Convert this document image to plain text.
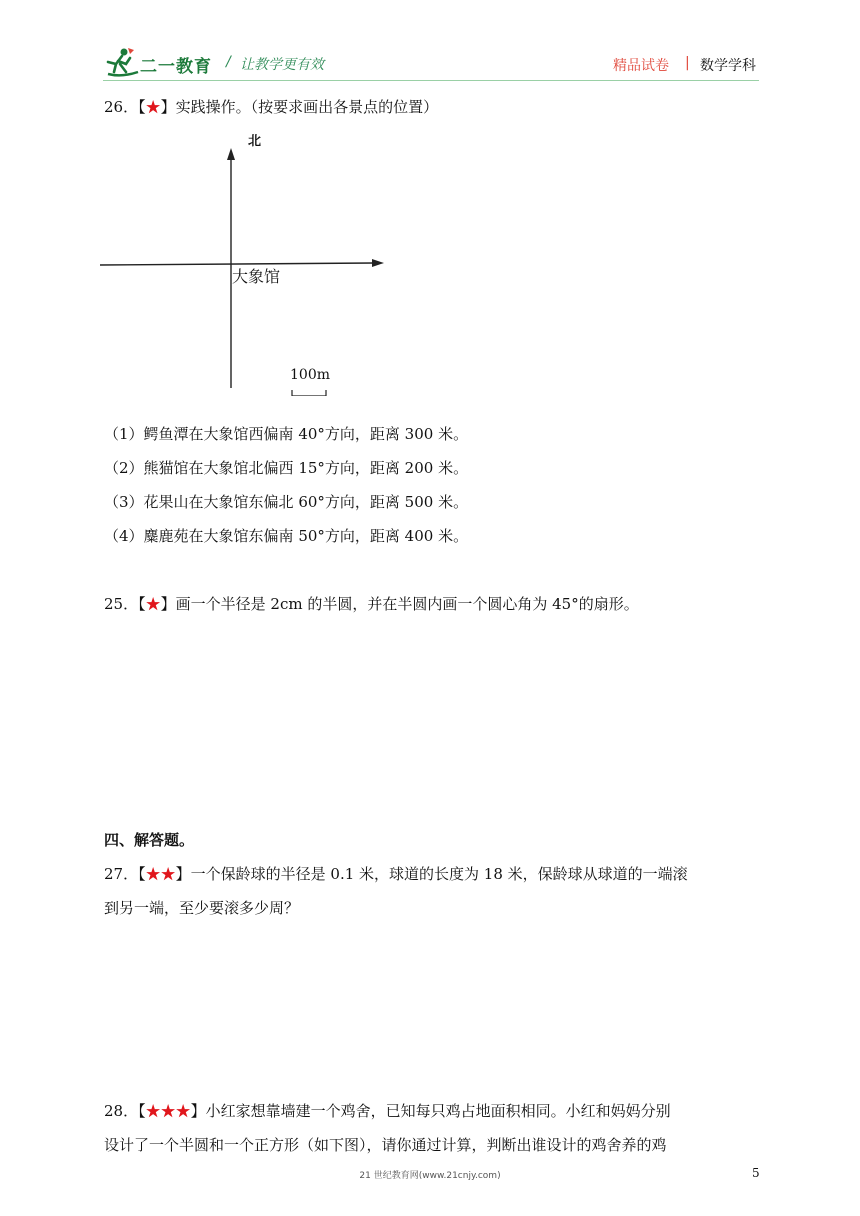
二一教育 / 让教学更有效	精品试卷 | 数学学科
26．【★】实践操作。（按要求画出各景点的位置）
北
大象馆
100m
（1）鳄鱼潭在大象馆西偏南 40°方向，距离 300 米。
（2）熊猫馆在大象馆北偏西 15°方向，距离 200 米。
（3）花果山在大象馆东偏北 60°方向，距离 500 米。
（4）麋鹿苑在大象馆东偏南 50°方向，距离 400 米。
25．【★】画一个半径是 2cm 的半圆，并在半圆内画一个圆心角为 45°的扇形。
四、解答题。
27．【★★】一个保龄球的半径是 0.1 米，球道的长度为 18 米，保龄球从球道的一端滚
到另一端，至少要滚多少周？
28．【★★★】小红家想靠墙建一个鸡舍，已知每只鸡占地面积相同。小红和妈妈分别
设计了一个半圆和一个正方形（如下图），请你通过计算，判断出谁设计的鸡舍养的鸡
21 世纪教育网(www.21cnjy.com)	5
